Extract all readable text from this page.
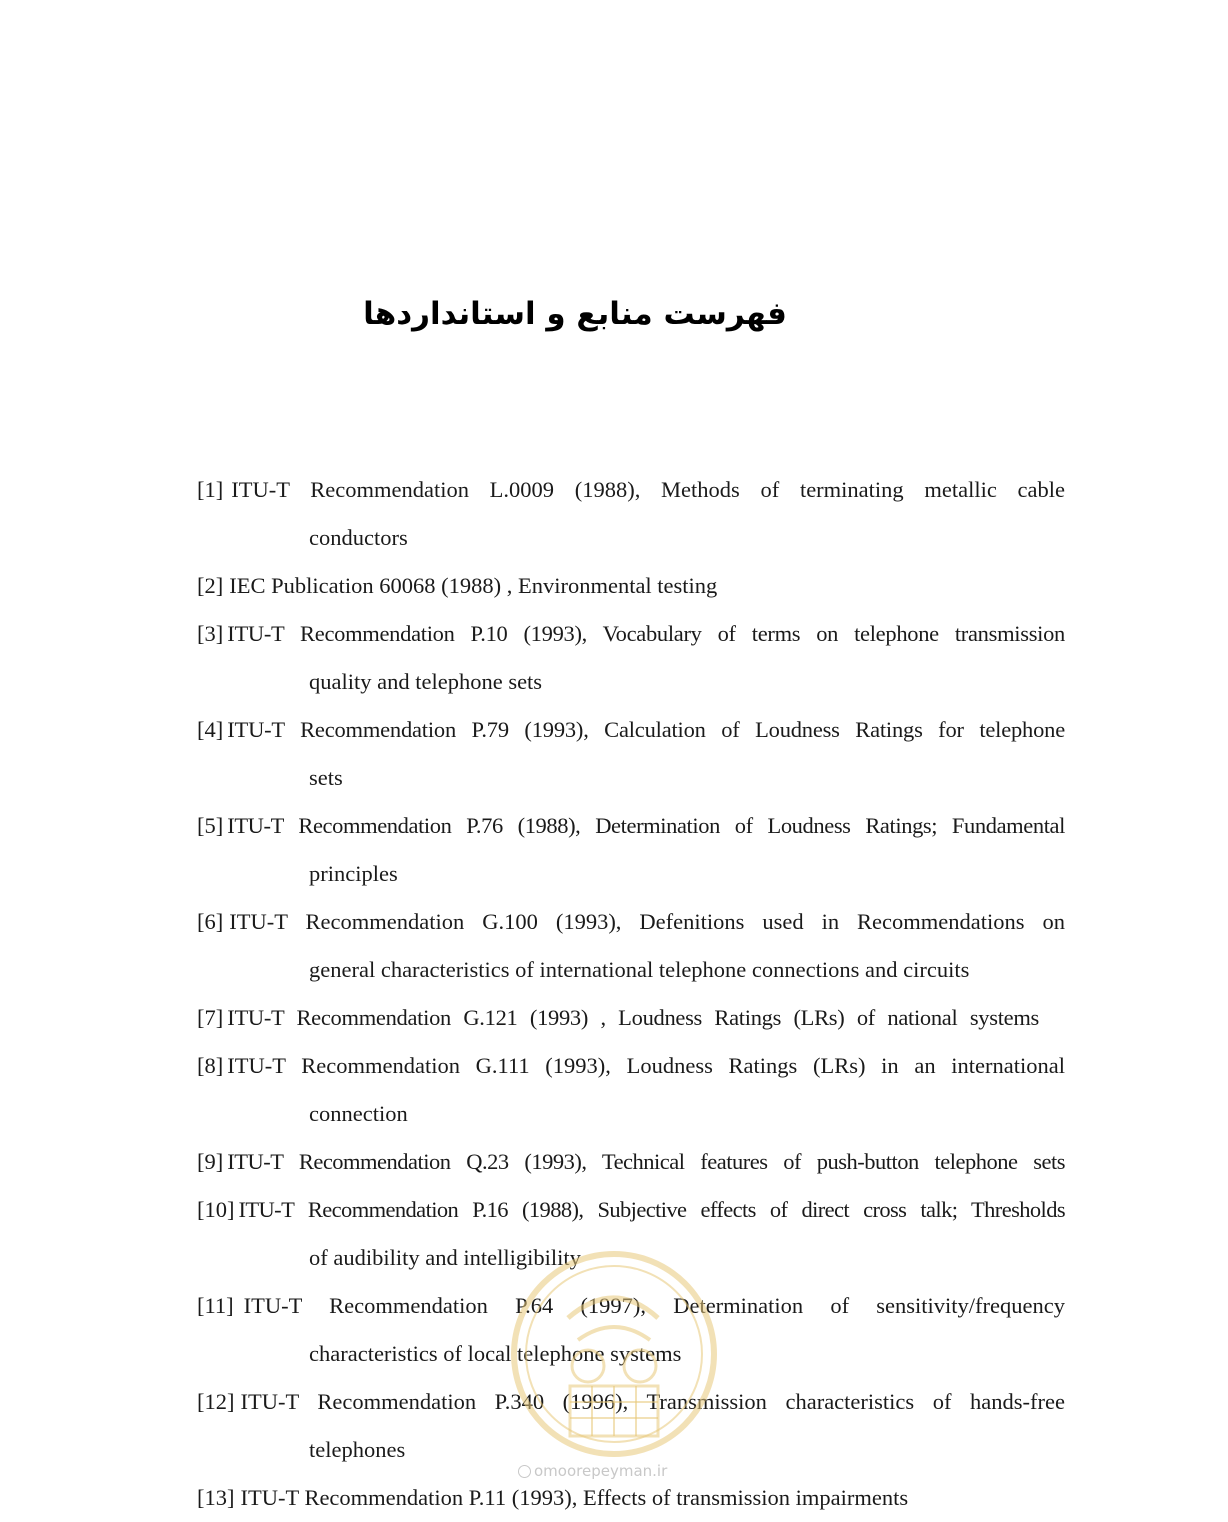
فهرست منابع و استانداردها
[1] ITU-T Recommendation L.0009 (1988), Methods of terminating metallic cable
conductors
[2] IEC Publication 60068 (1988) , Environmental testing
[3] ITU-T Recommendation P.10 (1993), Vocabulary of terms on telephone transmission
quality and telephone sets
[4] ITU-T Recommendation P.79 (1993), Calculation of Loudness Ratings for telephone
sets
[5] ITU-T Recommendation P.76 (1988), Determination of Loudness Ratings; Fundamental
principles
[6] ITU-T Recommendation G.100 (1993), Defenitions used in Recommendations on
general characteristics of international telephone connections and circuits
[7] ITU-T Recommendation G.121 (1993) , Loudness Ratings (LRs) of national systems
[8] ITU-T Recommendation G.111 (1993), Loudness Ratings (LRs) in an international
connection
[9] ITU-T Recommendation Q.23 (1993), Technical features of push-button telephone sets
[10] ITU-T Recommendation P.16 (1988), Subjective effects of direct cross talk; Thresholds
of audibility and intelligibility
[11] ITU-T Recommendation P.64 (1997), Determination of sensitivity/frequency
characteristics of local telephone systems
[12] ITU-T Recommendation P.340 (1996), Transmission characteristics of hands-free
telephones
[13] ITU-T Recommendation P.11 (1993), Effects of transmission impairments
omoorepeyman.ir
